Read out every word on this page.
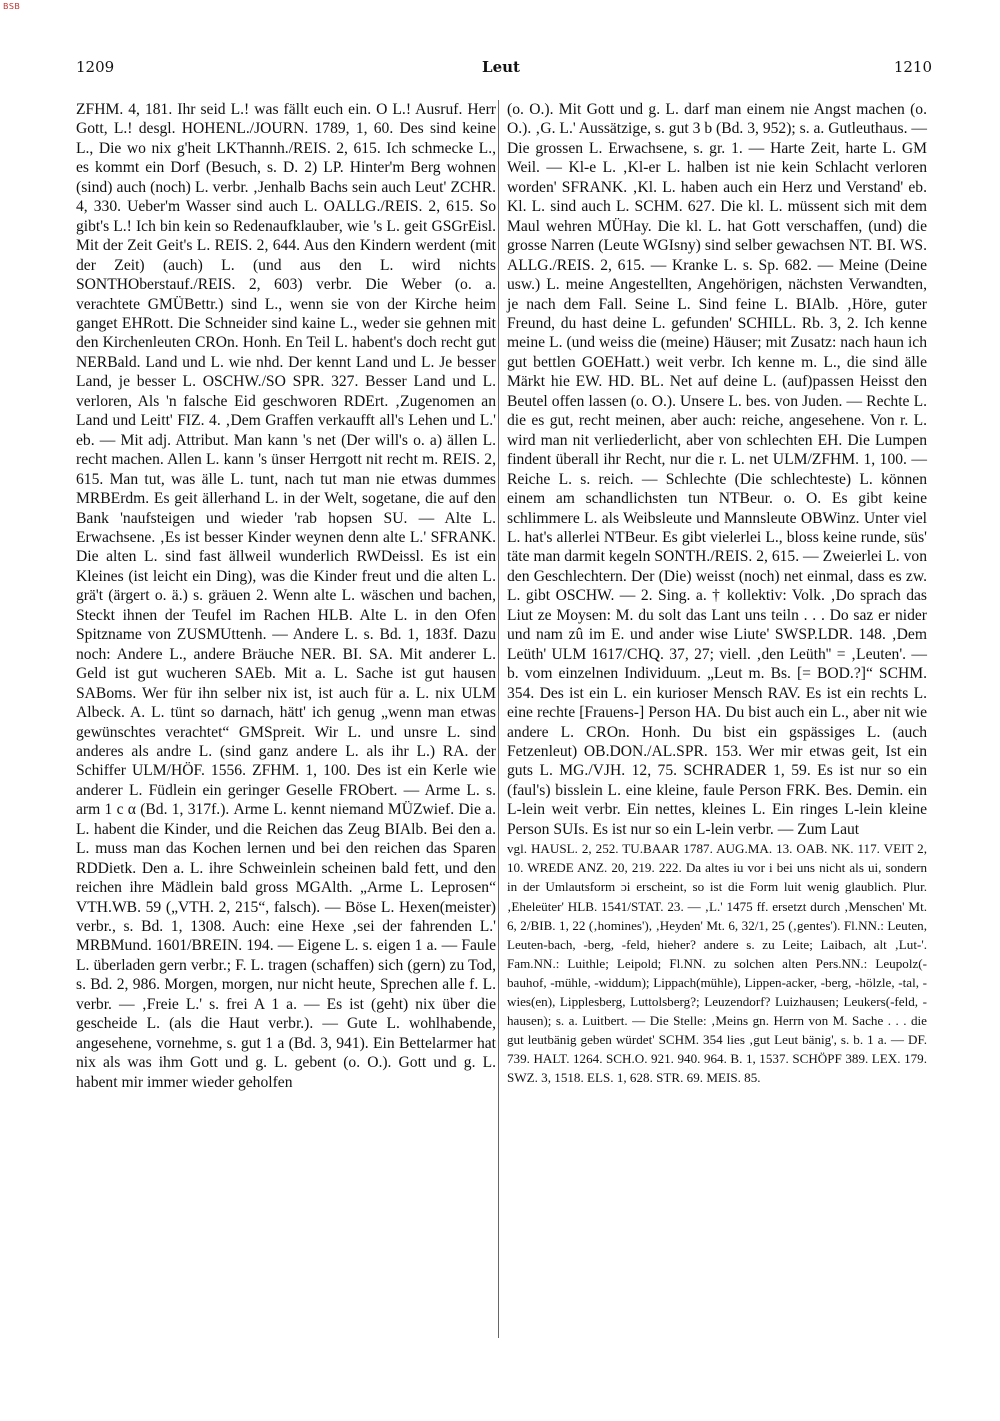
BSB
1209	Leut	1210
ZFHM. 4, 181. Ihr seid L.! was fällt euch ein. O L.! Ausruf. Herr Gott, L.! desgl. HOHENL./JOURN. 1789, 1, 60. Des sind keine L., Die wo nix g'heit LKThannh./REIS. 2, 615. Ich schmecke L., es kommt ein Dorf (Besuch, s. D. 2) LP. Hinter'm Berg wohnen (sind) auch (noch) L. verbr. ‚Jenhalb Bachs sein auch Leut' ZCHR. 4, 330. Ueber'm Wasser sind auch L. OALLG./REIS. 2, 615. So gibt's L.! Ich bin kein so Redenaufklauber, wie 's L. geit GSGrEisl. Mit der Zeit Geit's L. REIS. 2, 644. Aus den Kindern werdent (mit der Zeit) (auch) L. (und aus den L. wird nichts SONTHOberstauf./REIS. 2, 603) verbr. Die Weber (o. a. verachtete GMÜBettr.) sind L., wenn sie von der Kirche heim ganget EHRott. Die Schneider sind kaine L., weder sie gehnen mit den Kirchenleuten CROn. Honh. En Teil L. habent's doch recht gut NERBald. Land und L. wie nhd. Der kennt Land und L. Je besser Land, je besser L. OSCHW./SO SPR. 327. Besser Land und L. verloren, Als 'n falsche Eid geschworen RDErt. ‚Zugenomen an Land und Leitt' FIZ. 4. ‚Dem Graffen verkaufft all's Lehen und L.' eb. — Mit adj. Attribut. Man kann 's net (Der will's o. a) ällen L. recht machen. Allen L. kann 's ünser Herrgott nit recht m. REIS. 2, 615. Man tut, was älle L. tunt, nach tut man nie etwas dummes MRBErdm. Es geit ällerhand L. in der Welt, sogetane, die auf den Bank 'naufsteigen und wieder 'rab hopsen SU. — Alte L. Erwachsene. ‚Es ist besser Kinder weynen denn alte L.' SFRANK. Die alten L. sind fast ällweil wunderlich RWDeissl. Es ist ein Kleines (ist leicht ein Ding), was die Kinder freut und die alten L. grä't (ärgert o. ä.) s. gräuen 2. Wenn alte L. wäschen und bachen, Steckt ihnen der Teufel im Rachen HLB. Alte L. in den Ofen Spitzname von ZUSMUttenh. — Andere L. s. Bd. 1, 183f. Dazu noch: Andere L., andere Bräuche NER. BI. SA. Mit anderer L. Geld ist gut wucheren SAEb. Mit a. L. Sache ist gut hausen SABoms. Wer für ihn selber nix ist, ist auch für a. L. nix ULM Albeck. A. L. tünt so darnach, hätt' ich genug „wenn man etwas gewünschtes verachtet“ GMSpreit. Wir L. und unsre L. sind anderes als andre L. (sind ganz andere L. als ihr L.) RA. der Schiffer ULM/HÖF. 1556. ZFHM. 1, 100. Des ist ein Kerle wie anderer L. Füdlein ein geringer Geselle FRObert. — Arme L. s. arm 1 c α (Bd. 1, 317f.). Arme L. kennt niemand MÜZwief. Die a. L. habent die Kinder, und die Reichen das Zeug BIAlb. Bei den a. L. muss man das Kochen lernen und bei den reichen das Sparen RDDietk. Den a. L. ihre Schweinlein scheinen bald fett, und den reichen ihre Mädlein bald gross MGAlth. „Arme L. Leprosen“ VTH.WB. 59 („VTH. 2, 215“, falsch). — Böse L. Hexen(meister) verbr., s. Bd. 1, 1308. Auch: eine Hexe ‚sei der fahrenden L.' MRBMund. 1601/BREIN. 194. — Eigene L. s. eigen 1 a. — Faule L. überladen gern verbr.; F. L. tragen (schaffen) sich (gern) zu Tod, s. Bd. 2, 986. Morgen, morgen, nur nicht heute, Sprechen alle f. L. verbr. — ‚Freie L.' s. frei A 1 a. — Es ist (geht) nix über die gescheide L. (als die Haut verbr.). — Gute L. wohlhabende, angesehene, vornehme, s. gut 1 a (Bd. 3, 941). Ein Bettelarmer hat nix als was ihm Gott und g. L. gebent (o. O.). Gott und g. L. habent mir immer wieder geholfen
(o. O.). Mit Gott und g. L. darf man einem nie Angst machen (o. O.). ‚G. L.' Aussätzige, s. gut 3 b (Bd. 3, 952); s. a. Gutleuthaus. — Die grossen L. Erwachsene, s. gr. 1. — Harte Zeit, harte L. GM Weil. — Kl-e L. ‚Kl-er L. halben ist nie kein Schlacht verloren worden' SFRANK. ‚Kl. L. haben auch ein Herz und Verstand' eb. Kl. L. sind auch L. SCHM. 627. Die kl. L. müssent sich mit dem Maul wehren MÜHay. Die kl. L. hat Gott verschaffen, (und) die grosse Narren (Leute WGIsny) sind selber gewachsen NT. BI. WS. ALLG./REIS. 2, 615. — Kranke L. s. Sp. 682. — Meine (Deine usw.) L. meine Angestellten, Angehörigen, nächsten Verwandten, je nach dem Fall. Seine L. Sind feine L. BIAlb. ‚Höre, guter Freund, du hast deine L. gefunden' SCHILL. Rb. 3, 2. Ich kenne meine L. (und weiss die (meine) Häuser; mit Zusatz: nach haun ich gut bettlen GOEHatt.) weit verbr. Ich kenne m. L., die sind älle Märkt hie EW. HD. BL. Net auf deine L. (auf)passen Heisst den Beutel offen lassen (o. O.). Unsere L. bes. von Juden. — Rechte L. die es gut, recht meinen, aber auch: reiche, angesehene. Von r. L. wird man nit verliederlicht, aber von schlechten EH. Die Lumpen findent überall ihr Recht, nur die r. L. net ULM/ZFHM. 1, 100. — Reiche L. s. reich. — Schlechte (Die schlechteste) L. können einem am schandlichsten tun NTBeur. o. O. Es gibt keine schlimmere L. als Weibsleute und Mannsleute OBWinz. Unter viel L. hat's allerlei NTBeur. Es gibt vielerlei L., bloss keine runde, süs' täte man darmit kegeln SONTH./REIS. 2, 615. — Zweierlei L. von den Geschlechtern. Der (Die) weisst (noch) net einmal, dass es zw. L. gibt OSCHW. — 2. Sing. a. † kollektiv: Volk. ‚Do sprach das Liut ze Moysen: M. du solt das Lant uns teiln . . . Do saz er nider und nam zû im E. und ander wise Liute' SWSP.LDR. 148. ‚Dem Leüth' ULM 1617/CHQ. 37, 27; viell. ‚den Leüth'' = ‚Leuten'. — b. vom einzelnen Individuum. „Leut m. Bs. [= BOD.?]“ SCHM. 354. Des ist ein L. ein kurioser Mensch RAV. Es ist ein rechts L. eine rechte [Frauens-] Person HA. Du bist auch ein L., aber nit wie andere L. CROn. Honh. Du bist ein gspässiges L. (auch Fetzenleut) OB.DON./AL.SPR. 153. Wer mir etwas geit, Ist ein guts L. MG./VJH. 12, 75. SCHRADER 1, 59. Es ist nur so ein (faul's) bisslein L. eine kleine, faule Person FRK. Bes. Demin. ein L-lein weit verbr. Ein nettes, kleines L. Ein ringes L-lein kleine Person SUIs. Es ist nur so ein L-lein verbr. — Zum Laut
vgl. HAUSL. 2, 252. TU.BAAR 1787. AUG.MA. 13. OAB. NK. 117. VEIT 2, 10. WREDE ANZ. 20, 219. 222. Da altes iu vor i bei uns nicht als ui, sondern in der Umlautsform ɔi erscheint, so ist die Form luit wenig glaublich. Plur. ‚Eheleüter' HLB. 1541/STAT. 23. — ‚L.' 1475 ff. ersetzt durch ‚Menschen' Mt. 6, 2/BIB. 1, 22 (‚homines'), ‚Heyden' Mt. 6, 32/1, 25 (‚gentes'). Fl.NN.: Leuten, Leuten-bach, -berg, -feld, hieher? andere s. zu Leite; Laibach, alt ‚Lut-'. Fam.NN.: Luithle; Leipold; Fl.NN. zu solchen alten Pers.NN.: Leupolz(-bauhof, -mühle, -widdum); Lippach(mühle), Lippen-acker, -berg, -hölzle, -tal, -wies(en), Lipplesberg, Luttolsberg?; Leuzendorf? Luizhausen; Leukers(-feld, -hausen); s. a. Luitbert. — Die Stelle: ‚Meins gn. Herrn von M. Sache . . . die gut leutbänig geben würdet' SCHM. 354 lies ‚gut Leut bänig', s. b. 1 a. — DF. 739. HALT. 1264. SCH.O. 921. 940. 964. B. 1, 1537. SCHÖPF 389. LEX. 179. SWZ. 3, 1518. ELS. 1, 628. STR. 69. MEIS. 85.
